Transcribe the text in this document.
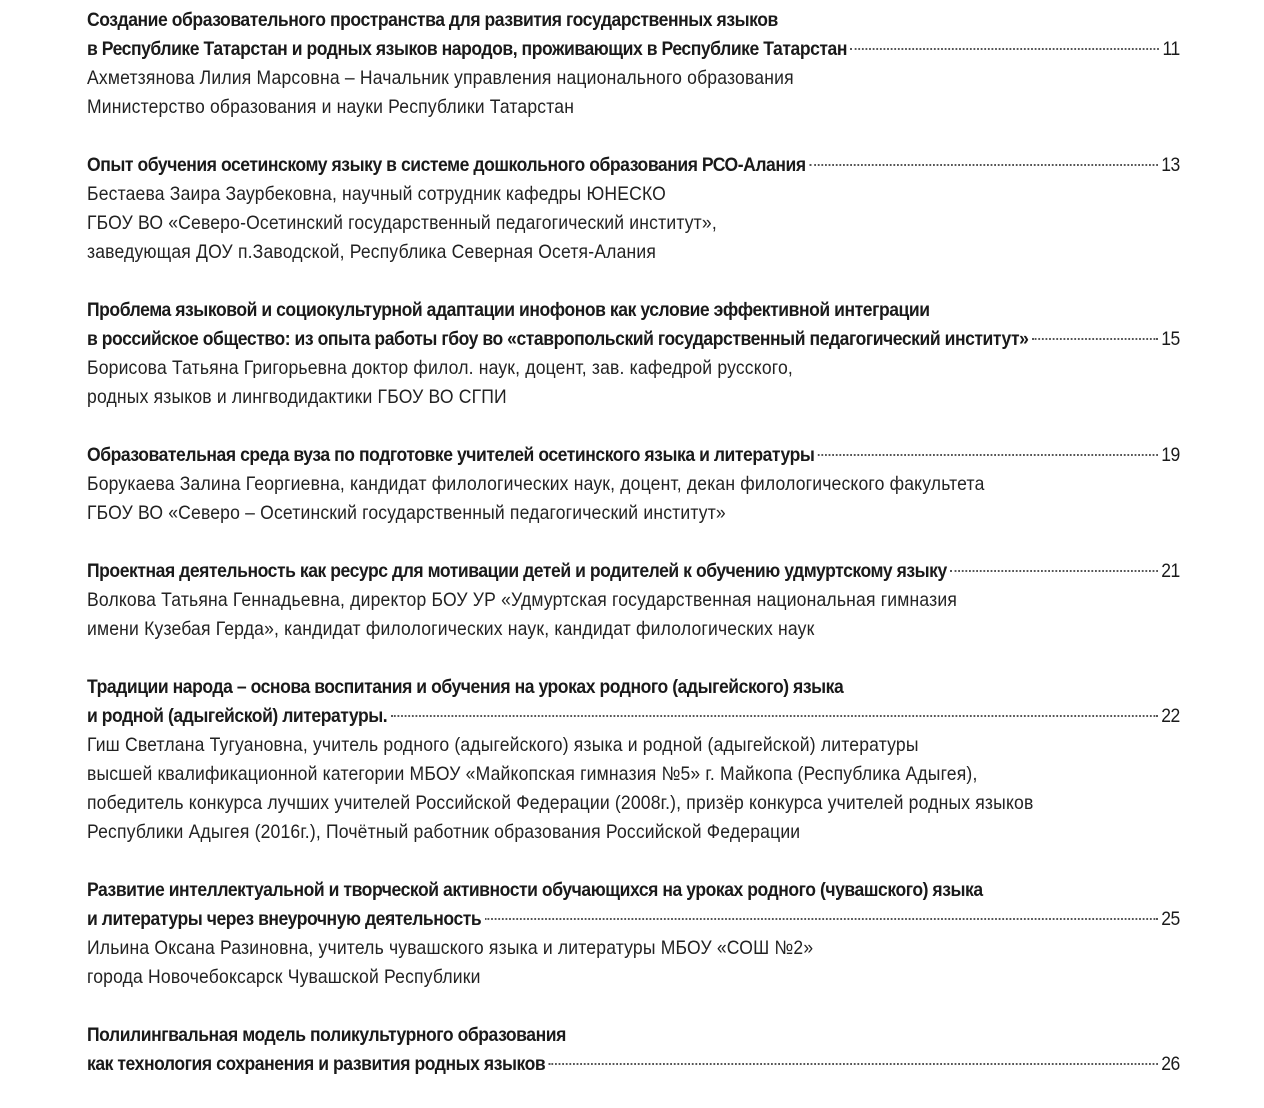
Создание образовательного пространства для развития государственных языков
в Республике Татарстан и родных языков народов, проживающих в Республике Татарстан	11
Ахметзянова Лилия Марсовна – Начальник управления национального образования
Министерство образования и науки Республики Татарстан
Опыт обучения осетинскому языку в системе дошкольного образования РСО-Алания	13
Бестаева Заира Заурбековна, научный сотрудник кафедры ЮНЕСКО
ГБОУ ВО «Северо-Осетинский государственный педагогический институт»,
заведующая ДОУ п.Заводской, Республика Северная Осетя-Алания
Проблема языковой и социокультурной адаптации инофонов как условие эффективной интеграции
в российское общество: из опыта работы гбоу во «ставропольский государственный педагогический институт»	15
Борисова Татьяна Григорьевна доктор филол. наук, доцент, зав. кафедрой русского,
родных языков и лингводидактики ГБОУ ВО СГПИ
Образовательная среда вуза по подготовке учителей осетинского языка и литературы	19
Борукаева Залина Георгиевна, кандидат филологических наук, доцент, декан филологического факультета
ГБОУ ВО «Северо – Осетинский государственный педагогический институт»
Проектная деятельность как ресурс для мотивации детей и родителей к обучению удмуртскому языку	21
Волкова Татьяна Геннадьевна, директор БОУ УР «Удмуртская государственная национальная гимназия
имени Кузебая Герда», кандидат филологических наук, кандидат филологических наук
Традиции народа – основа воспитания и обучения на уроках родного (адыгейского) языка
и родной (адыгейской) литературы.	22
Гиш Светлана Тугуановна, учитель родного (адыгейского) языка и родной (адыгейской) литературы
высшей квалификационной категории МБОУ «Майкопская гимназия №5» г. Майкопа (Республика Адыгея),
победитель конкурса лучших учителей Российской Федерации (2008г.), призёр конкурса учителей родных языков
Республики Адыгея (2016г.), Почётный работник образования Российской Федерации
Развитие интеллектуальной и творческой активности обучающихся на уроках родного (чувашского) языка
и литературы через внеурочную деятельность	25
Ильина Оксана Разиновна, учитель чувашского языка и литературы МБОУ «СОШ №2»
города Новочебоксарск Чувашской Республики
Полилингвальная модель поликультурного образования
как технология сохранения и развития родных языков	26
